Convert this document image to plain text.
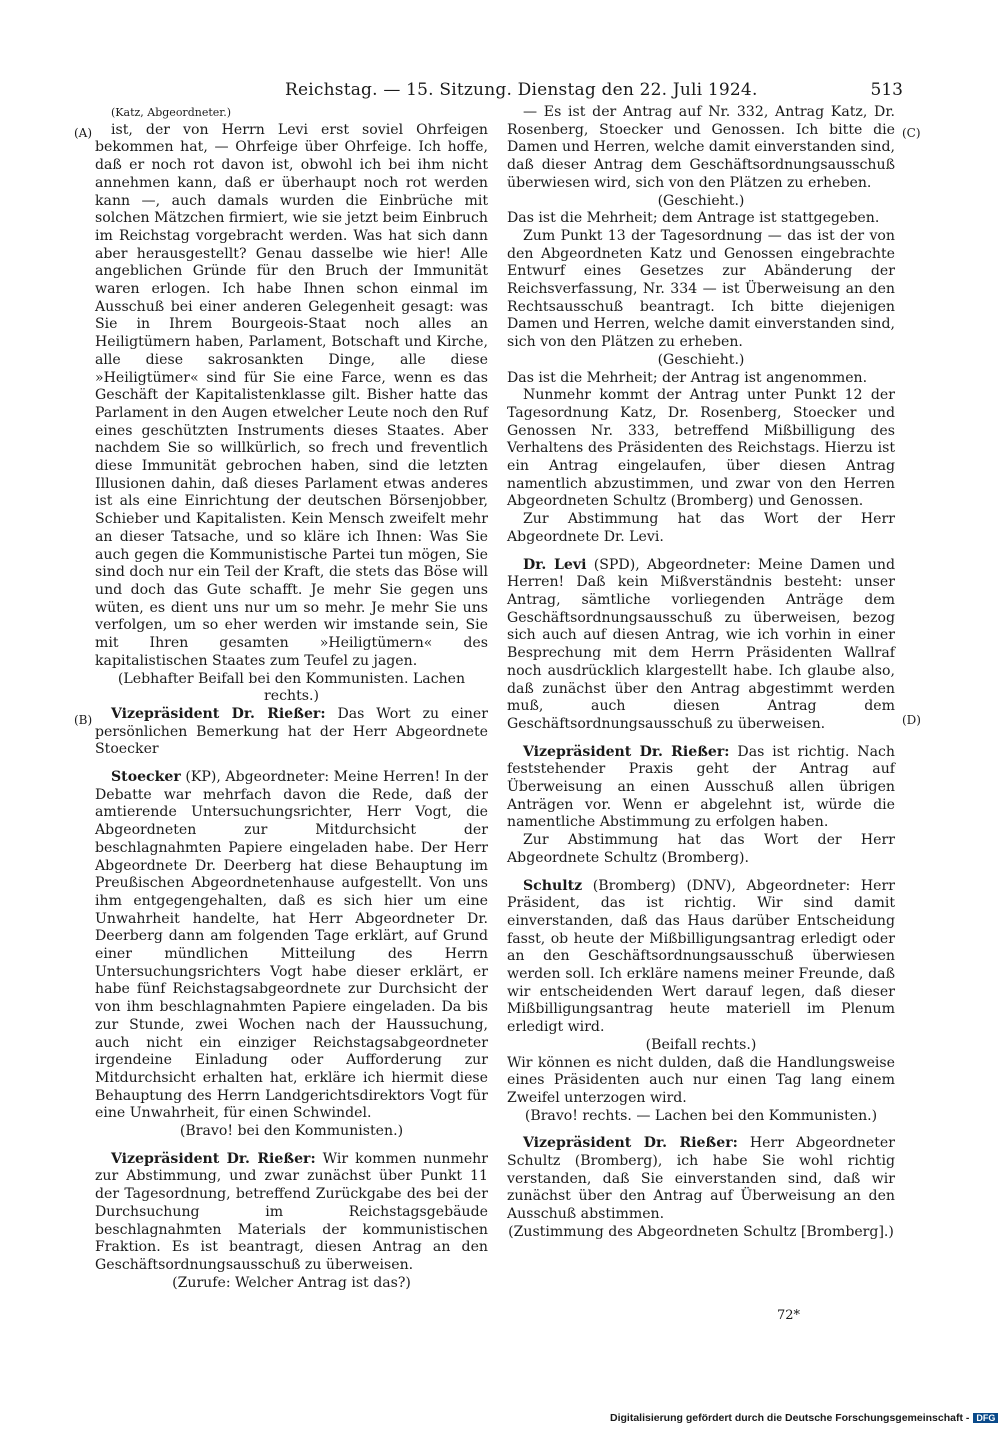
Reichstag. — 15. Sitzung. Dienstag den 22. Juli 1924.	513
(A)
(B)
(C)
(D)

(Katz, Abgeordneter.)

ist, der von Herrn Levi erst soviel Ohrfeigen bekommen hat, — Ohrfeige über Ohrfeige. Ich hoffe, daß er noch rot davon ist, obwohl ich bei ihm nicht annehmen kann, daß er überhaupt noch rot werden kann —, auch damals wurden die Einbrüche mit solchen Mätzchen firmiert, wie sie jetzt beim Einbruch im Reichstag vorgebracht werden. Was hat sich dann aber herausgestellt? Genau dasselbe wie hier! Alle angeblichen Gründe für den Bruch der Immunität waren erlogen. Ich habe Ihnen schon einmal im Ausschuß bei einer anderen Gelegenheit gesagt: was Sie in Ihrem Bourgeois-Staat noch alles an Heiligtümern haben, Parlament, Botschaft und Kirche, alle diese sakrosankten Dinge, alle diese »Heiligtümer« sind für Sie eine Farce, wenn es das Geschäft der Kapitalistenklasse gilt. Bisher hatte das Parlament in den Augen etwelcher Leute noch den Ruf eines geschützten Instruments dieses Staates. Aber nachdem Sie so willkürlich, so frech und freventlich diese Immunität gebrochen haben, sind die letzten Illusionen dahin, daß dieses Parlament etwas anderes ist als eine Einrichtung der deutschen Börsenjobber, Schieber und Kapitalisten. Kein Mensch zweifelt mehr an dieser Tatsache, und so kläre ich Ihnen: Was Sie auch gegen die Kommunistische Partei tun mögen, Sie sind doch nur ein Teil der Kraft, die stets das Böse will und doch das Gute schafft. Je mehr Sie gegen uns wüten, es dient uns nur um so mehr. Je mehr Sie uns verfolgen, um so eher werden wir imstande sein, Sie mit Ihren gesamten »Heiligtümern« des kapitalistischen Staates zum Teufel zu jagen.

(Lebhafter Beifall bei den Kommunisten. Lachen rechts.)

Vizepräsident Dr. Rießer: Das Wort zu einer persönlichen Bemerkung hat der Herr Abgeordnete Stoecker

Stoecker (KP), Abgeordneter: Meine Herren! In der Debatte war mehrfach davon die Rede, daß der amtierende Untersuchungsrichter, Herr Vogt, die Abgeordneten zur Mitdurchsicht der beschlagnahmten Papiere eingeladen habe. Der Herr Abgeordnete Dr. Deerberg hat diese Behauptung im Preußischen Abgeordnetenhause aufgestellt. Von uns ihm entgegengehalten, daß es sich hier um eine Unwahrheit handelte, hat Herr Abgeordneter Dr. Deerberg dann am folgenden Tage erklärt, auf Grund einer mündlichen Mitteilung des Herrn Untersuchungsrichters Vogt habe dieser erklärt, er habe fünf Reichstagsabgeordnete zur Durchsicht der von ihm beschlagnahmten Papiere eingeladen. Da bis zur Stunde, zwei Wochen nach der Haussuchung, auch nicht ein einziger Reichstagsabgeordneter irgendeine Einladung oder Aufforderung zur Mitdurchsicht erhalten hat, erkläre ich hiermit diese Behauptung des Herrn Landgerichtsdirektors Vogt für eine Unwahrheit, für einen Schwindel.

(Bravo! bei den Kommunisten.)

Vizepräsident Dr. Rießer: Wir kommen nunmehr zur Abstimmung, und zwar zunächst über Punkt 11 der Tagesordnung, betreffend Zurückgabe des bei der Durchsuchung im Reichstagsgebäude beschlagnahmten Materials der kommunistischen Fraktion. Es ist beantragt, diesen Antrag an den Geschäftsordnungsausschuß zu überweisen.

(Zurufe: Welcher Antrag ist das?)

— Es ist der Antrag auf Nr. 332, Antrag Katz, Dr. Rosenberg, Stoecker und Genossen. Ich bitte die Damen und Herren, welche damit einverstanden sind, daß dieser Antrag dem Geschäftsordnungsausschuß überwiesen wird, sich von den Plätzen zu erheben.

(Geschieht.)

Das ist die Mehrheit; dem Antrage ist stattgegeben.

Zum Punkt 13 der Tagesordnung — das ist der von den Abgeordneten Katz und Genossen eingebrachte Entwurf eines Gesetzes zur Abänderung der Reichsverfassung, Nr. 334 — ist Überweisung an den Rechtsausschuß beantragt. Ich bitte diejenigen Damen und Herren, welche damit einverstanden sind, sich von den Plätzen zu erheben.

(Geschieht.)

Das ist die Mehrheit; der Antrag ist angenommen.

Nunmehr kommt der Antrag unter Punkt 12 der Tagesordnung Katz, Dr. Rosenberg, Stoecker und Genossen Nr. 333, betreffend Mißbilligung des Verhaltens des Präsidenten des Reichstags. Hierzu ist ein Antrag eingelaufen, über diesen Antrag namentlich abzustimmen, und zwar von den Herren Abgeordneten Schultz (Bromberg) und Genossen.

Zur Abstimmung hat das Wort der Herr Abgeordnete Dr. Levi.

Dr. Levi (SPD), Abgeordneter: Meine Damen und Herren! Daß kein Mißverständnis besteht: unser Antrag, sämtliche vorliegenden Anträge dem Geschäftsordnungsausschuß zu überweisen, bezog sich auch auf diesen Antrag, wie ich vorhin in einer Besprechung mit dem Herrn Präsidenten Wallraf noch ausdrücklich klargestellt habe. Ich glaube also, daß zunächst über den Antrag abgestimmt werden muß, auch diesen Antrag dem Geschäftsordnungsausschuß zu überweisen.

Vizepräsident Dr. Rießer: Das ist richtig. Nach feststehender Praxis geht der Antrag auf Überweisung an einen Ausschuß allen übrigen Anträgen vor. Wenn er abgelehnt ist, würde die namentliche Abstimmung zu erfolgen haben.

Zur Abstimmung hat das Wort der Herr Abgeordnete Schultz (Bromberg).

Schultz (Bromberg) (DNV), Abgeordneter: Herr Präsident, das ist richtig. Wir sind damit einverstanden, daß das Haus darüber Entscheidung fasst, ob heute der Mißbilligungsantrag erledigt oder an den Geschäftsordnungsausschuß überwiesen werden soll. Ich erkläre namens meiner Freunde, daß wir entscheidenden Wert darauf legen, daß dieser Mißbilligungsantrag heute materiell im Plenum erledigt wird.

(Beifall rechts.)

Wir können es nicht dulden, daß die Handlungsweise eines Präsidenten auch nur einen Tag lang einem Zweifel unterzogen wird.

(Bravo! rechts. — Lachen bei den Kommunisten.)

Vizepräsident Dr. Rießer: Herr Abgeordneter Schultz (Bromberg), ich habe Sie wohl richtig verstanden, daß Sie einverstanden sind, daß wir zunächst über den Antrag auf Überweisung an den Ausschuß abstimmen.

(Zustimmung des Abgeordneten Schultz [Bromberg].)

72*
Digitalisierung gefördert durch die Deutsche Forschungsgemeinschaft - DFG
